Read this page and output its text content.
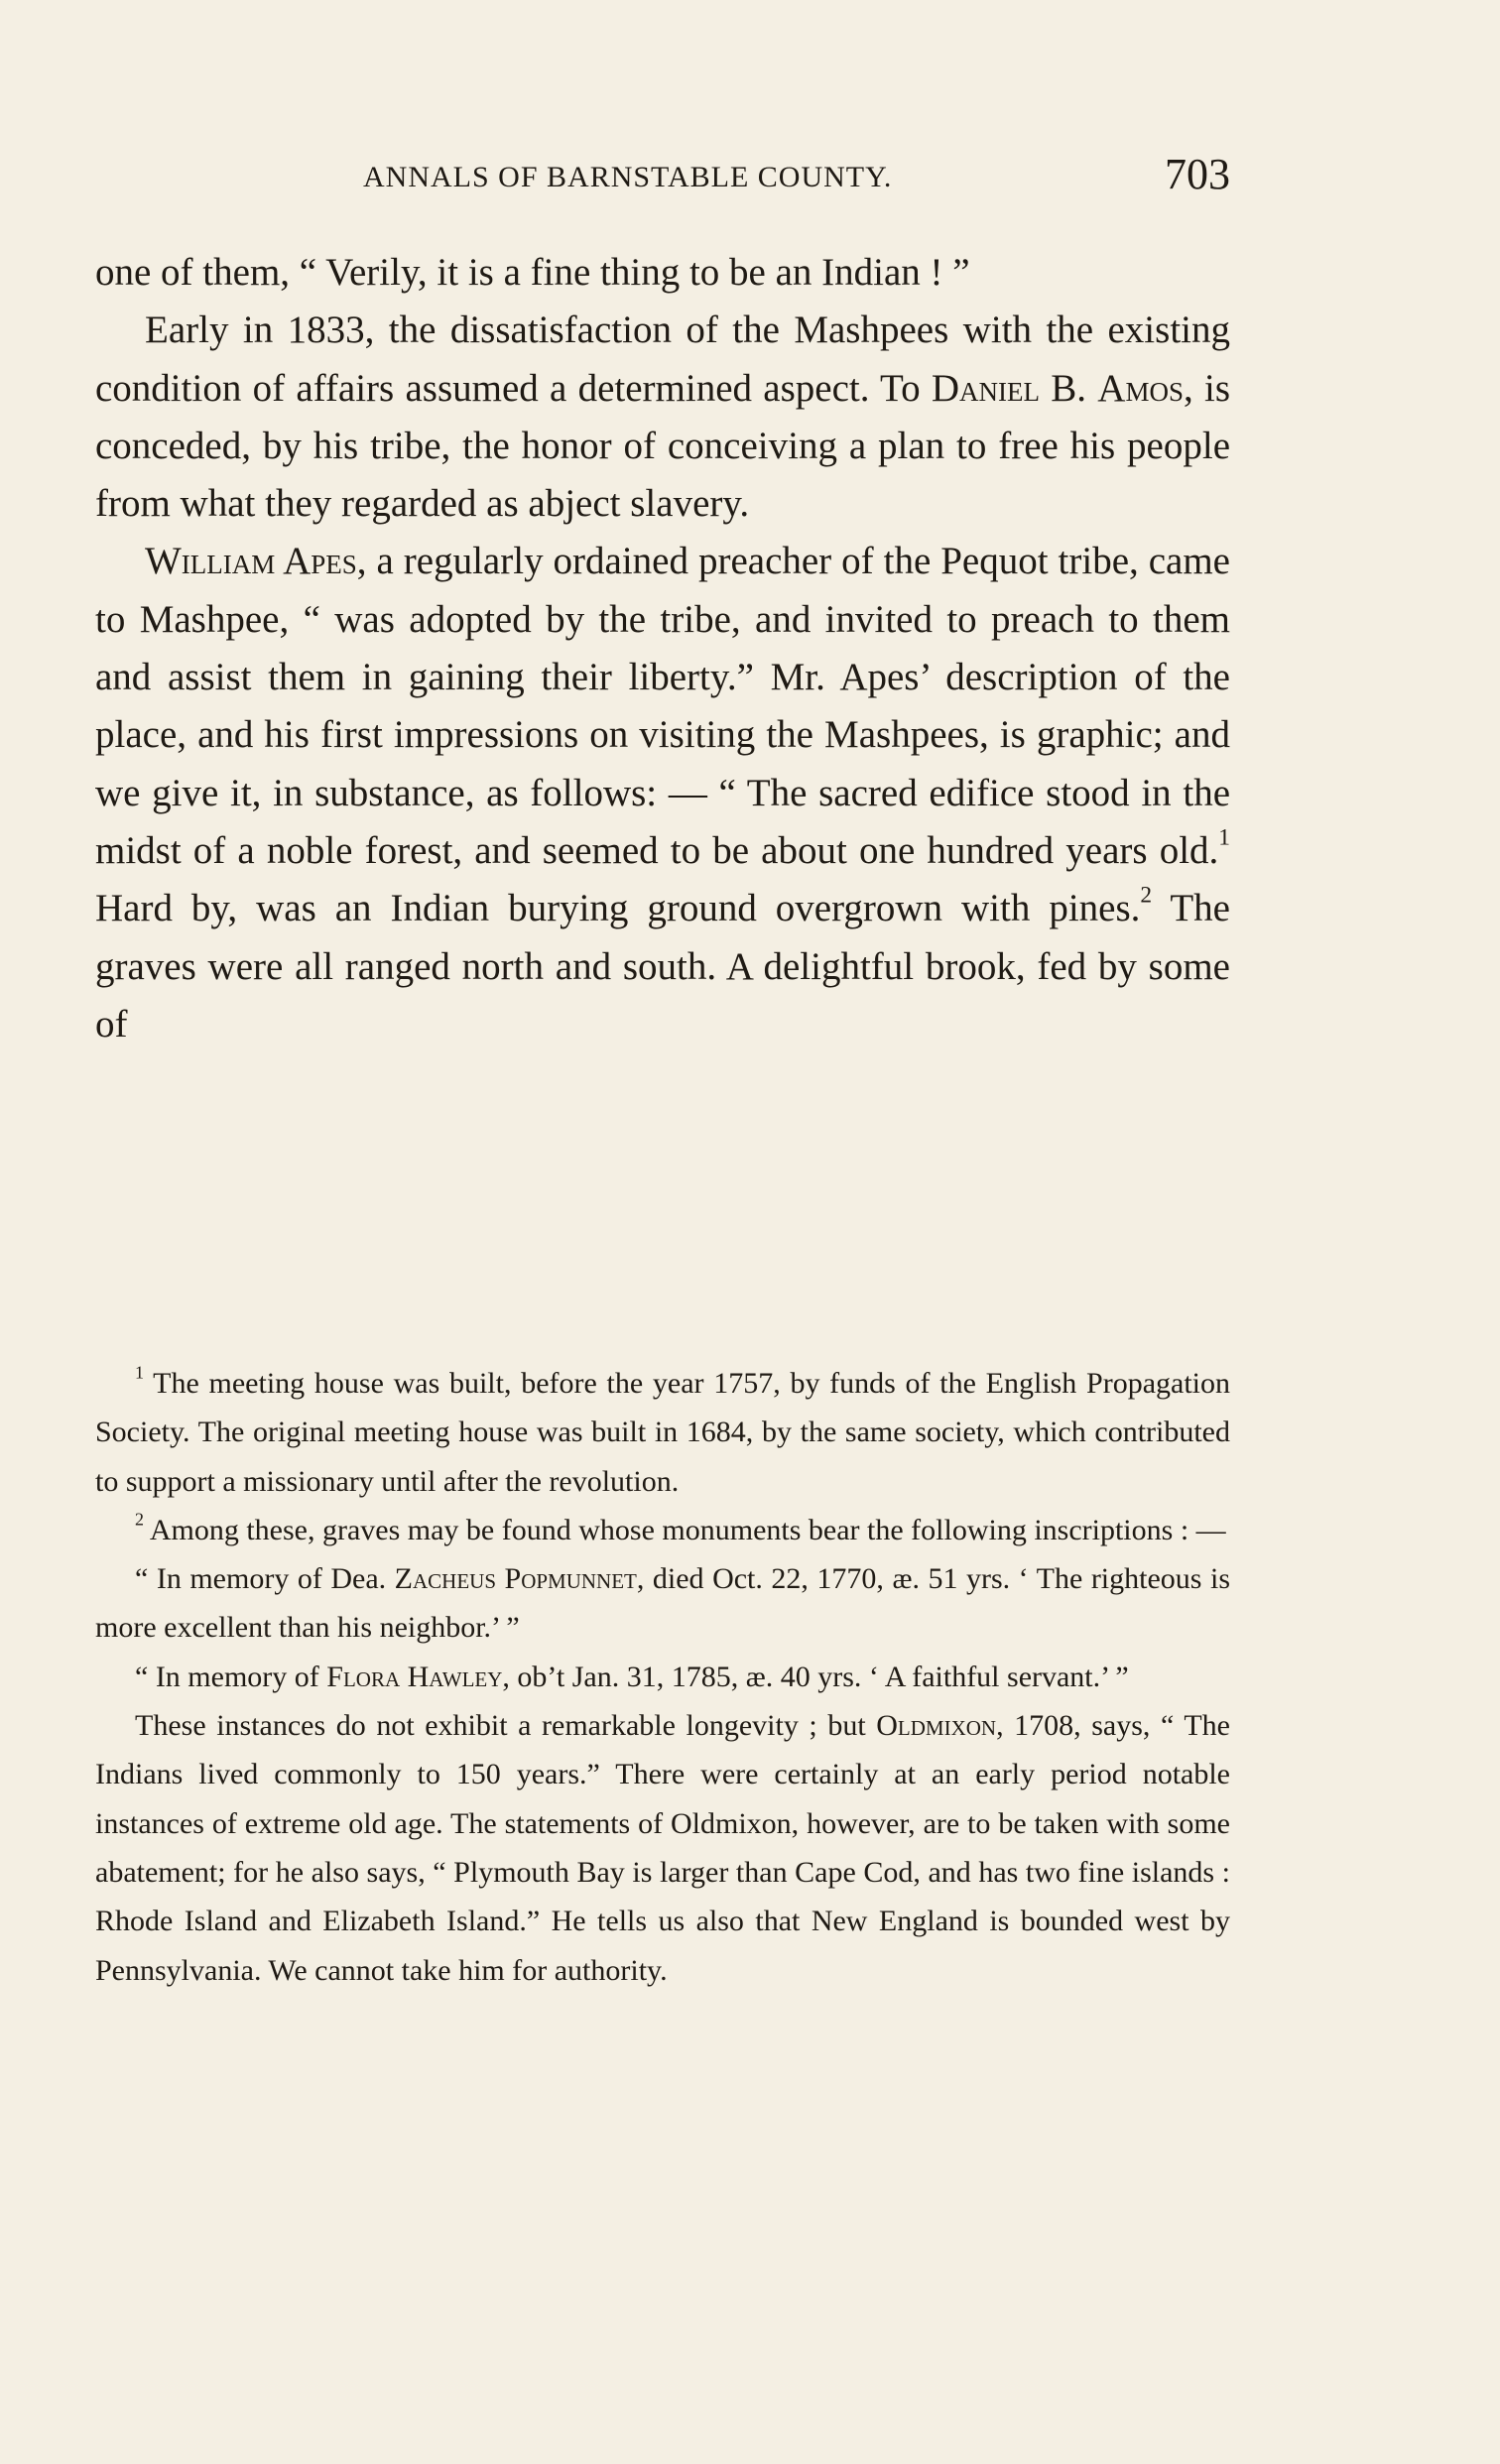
ANNALS OF BARNSTABLE COUNTY.	703

one of them, “ Verily, it is a fine thing to be an Indian ! ”

Early in 1833, the dissatisfaction of the Mashpees with the existing condition of affairs assumed a determined aspect. To Daniel B. Amos, is conceded, by his tribe, the honor of conceiving a plan to free his people from what they regarded as abject slavery.

William Apes, a regularly ordained preacher of the Pequot tribe, came to Mashpee, “ was adopted by the tribe, and invited to preach to them and assist them in gaining their liberty.” Mr. Apes’ description of the place, and his first impressions on visiting the Mashpees, is graphic; and we give it, in substance, as follows: — “ The sacred edifice stood in the midst of a noble forest, and seemed to be about one hundred years old.$^1$ Hard by, was an Indian burying ground overgrown with pines.$^2$ The graves were all ranged north and south. A delightful brook, fed by some of

$^1$ The meeting house was built, before the year 1757, by funds of the English Propagation Society. The original meeting house was built in 1684, by the same society, which contributed to support a missionary until after the revolution.

$^2$ Among these, graves may be found whose monuments bear the following inscriptions : —

“ In memory of Dea. Zacheus Popmunnet, died Oct. 22, 1770, æ. 51 yrs. ‘ The righteous is more excellent than his neighbor.’ ”

“ In memory of Flora Hawley, ob’t Jan. 31, 1785, æ. 40 yrs. ‘ A faithful servant.’ ”

These instances do not exhibit a remarkable longevity ; but Oldmixon, 1708, says, “ The Indians lived commonly to 150 years.” There were certainly at an early period notable instances of extreme old age. The statements of Oldmixon, however, are to be taken with some abatement; for he also says, “ Plymouth Bay is larger than Cape Cod, and has two fine islands : Rhode Island and Elizabeth Island.” He tells us also that New England is bounded west by Pennsylvania. We cannot take him for authority.
